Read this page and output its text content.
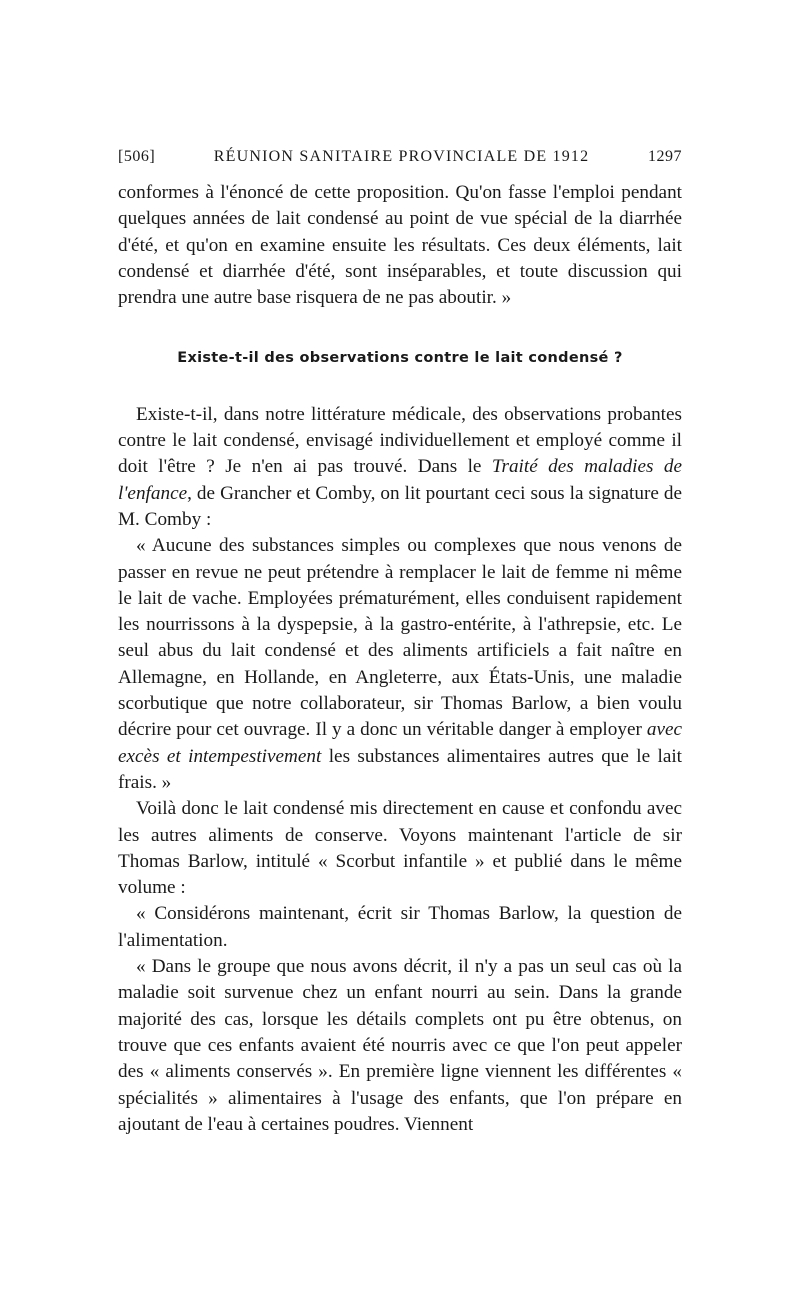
[506]	RÉUNION SANITAIRE PROVINCIALE DE 1912	1297

conformes à l'énoncé de cette proposition. Qu'on fasse l'emploi pendant quelques années de lait condensé au point de vue spécial de la diarrhée d'été, et qu'on en examine ensuite les résultats. Ces deux éléments, lait condensé et diarrhée d'été, sont inséparables, et toute discussion qui prendra une autre base risquera de ne pas aboutir. »

Existe-t-il des observations contre le lait condensé ?

Existe-t-il, dans notre littérature médicale, des observations probantes contre le lait condensé, envisagé individuellement et employé comme il doit l'être ? Je n'en ai pas trouvé. Dans le Traité des maladies de l'enfance, de Grancher et Comby, on lit pourtant ceci sous la signature de M. Comby :

« Aucune des substances simples ou complexes que nous venons de passer en revue ne peut prétendre à remplacer le lait de femme ni même le lait de vache. Employées prématurément, elles conduisent rapidement les nourrissons à la dyspepsie, à la gastro-entérite, à l'athrepsie, etc. Le seul abus du lait condensé et des aliments artificiels a fait naître en Allemagne, en Hollande, en Angleterre, aux États-Unis, une maladie scorbutique que notre collaborateur, sir Thomas Barlow, a bien voulu décrire pour cet ouvrage. Il y a donc un véritable danger à employer avec excès et intempestivement les substances alimentaires autres que le lait frais. »

Voilà donc le lait condensé mis directement en cause et confondu avec les autres aliments de conserve. Voyons maintenant l'article de sir Thomas Barlow, intitulé « Scorbut infantile » et publié dans le même volume :

« Considérons maintenant, écrit sir Thomas Barlow, la question de l'alimentation.

« Dans le groupe que nous avons décrit, il n'y a pas un seul cas où la maladie soit survenue chez un enfant nourri au sein. Dans la grande majorité des cas, lorsque les détails complets ont pu être obtenus, on trouve que ces enfants avaient été nourris avec ce que l'on peut appeler des « aliments conservés ». En première ligne viennent les différentes « spécialités » alimentaires à l'usage des enfants, que l'on prépare en ajoutant de l'eau à certaines poudres. Viennent
